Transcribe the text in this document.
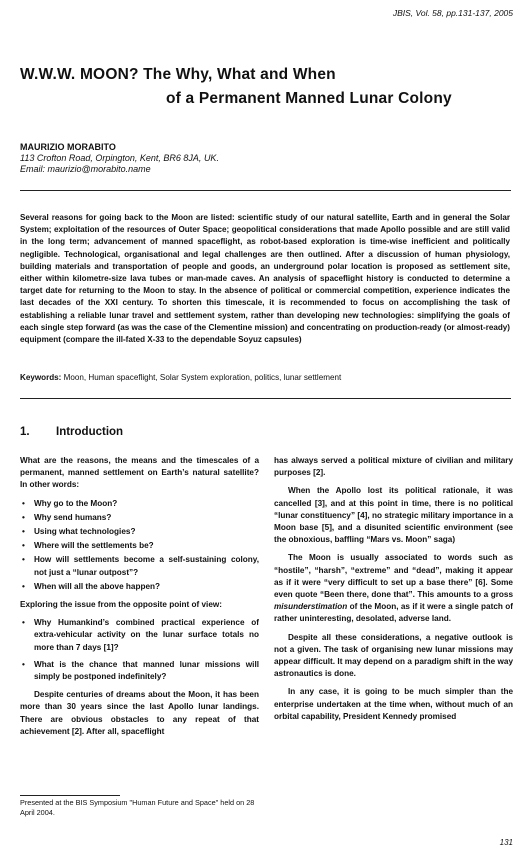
JBIS, Vol. 58, pp.131-137, 2005
W.W.W. MOON? The Why, What and When
of a Permanent Manned Lunar Colony
MAURIZIO MORABITO
113 Crofton Road, Orpington, Kent, BR6 8JA, UK.
Email: maurizio@morabito.name
Several reasons for going back to the Moon are listed: scientific study of our natural satellite, Earth and in general the Solar System; exploitation of the resources of Outer Space; geopolitical considerations that made Apollo possible and are still valid in the long term; advancement of manned spaceflight, as robot-based exploration is time-wise inefficient and politically negligible. Technological, organisational and legal challenges are then outlined. After a discussion of human physiology, building materials and transportation of people and goods, an underground polar location is proposed as settlement site, either within kilometre-size lava tubes or man-made caves. An analysis of spaceflight history is conducted to determine a target date for returning to the Moon to stay. In the absence of political or commercial competition, experience indicates the last decades of the XXI century. To shorten this timescale, it is recommended to focus on accomplishing the task of establishing a reliable lunar travel and settlement system, rather than developing new technologies: simplifying the goals of each single step forward (as was the case of the Clementine mission) and concentrating on production-ready (or almost-ready) equipment (compare the ill-fated X-33 to the dependable Soyuz capsules)
Keywords: Moon, Human spaceflight, Solar System exploration, politics, lunar settlement
1. Introduction

What are the reasons, the means and the timescales of a permanent, manned settlement on Earth’s natural satellite? In other words:

• Why go to the Moon?
• Why send humans?
• Using what technologies?
• Where will the settlements be?
• How will settlements become a self-sustaining colony, not just a “lunar outpost”?
• When will all the above happen?

Exploring the issue from the opposite point of view:

• Why Humankind’s combined practical experience of extra-vehicular activity on the lunar surface totals no more than 7 days [1]?
• What is the chance that manned lunar missions will simply be postponed indefinitely?

Despite centuries of dreams about the Moon, it has been more than 30 years since the last Apollo lunar landings. There are obvious obstacles to any repeat of that achievement [2]. After all, spaceflight

has always served a political mixture of civilian and military purposes [2].

When the Apollo lost its political rationale, it was cancelled [3], and at this point in time, there is no political “lunar constituency” [4], no strategic military importance in a Moon base [5], and a disunited scientific environment (see the obnoxious, baffling “Mars vs. Moon” saga)

The Moon is usually associated to words such as “hostile”, “harsh”, “extreme” and “dead”, making it appear as if it were “very difficult to set up a base there” [6]. Some even quote “Been there, done that”. This amounts to a gross misunderstimation of the Moon, as if it were a single patch of rather uninteresting, desolated, adverse land.

Despite all these considerations, a negative outlook is not a given. The task of organising new lunar missions may appear difficult. It may depend on a paradigm shift in the way astronautics is done.

In any case, it is going to be much simpler than the enterprise undertaken at the time when, without much of an orbital capability, President Kennedy promised

Presented at the BIS Symposium "Human Future and Space" held on 28 April 2004.
131
